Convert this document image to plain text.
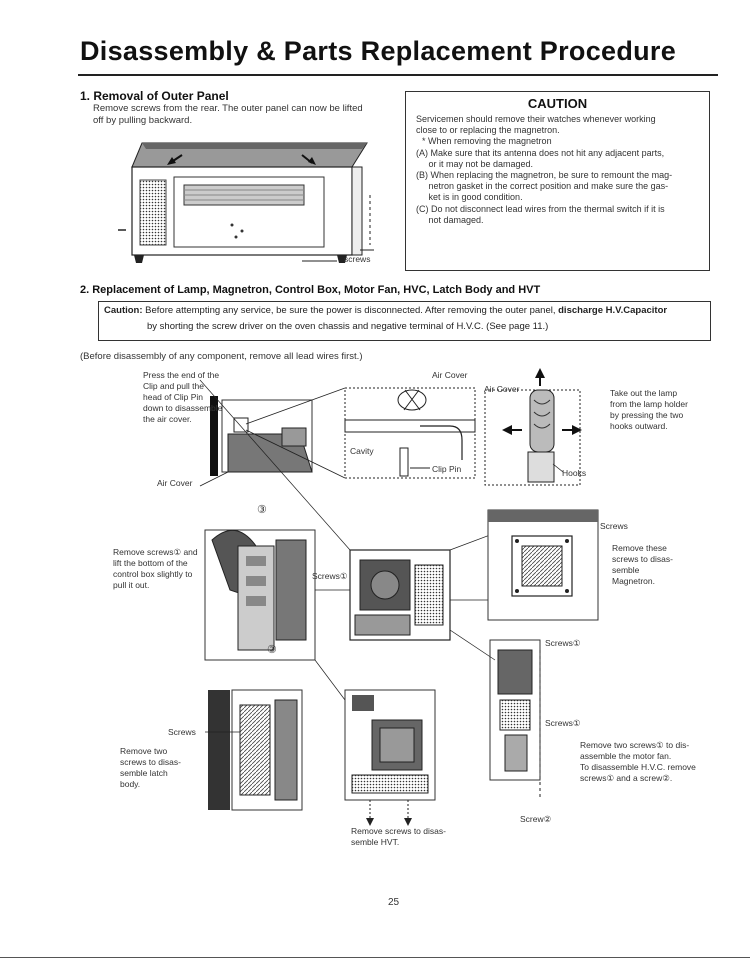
Disassembly & Parts Replacement Procedure
1. Removal of Outer Panel
Remove screws from the rear. The outer panel can now be lifted
off by pulling backward.
screws
CAUTION
Servicemen should remove their watches whenever working
close to or replacing the magnetron.
* When removing the magnetron
(A) Make sure that its antenna does not hit any adjacent parts,
or it may not be damaged.
(B) When replacing the magnetron, be sure to remount the mag-
netron gasket in the correct position and make sure the gas-
ket is in good condition.
(C) Do not disconnect lead wires from the thermal switch if it is
not damaged.
2. Replacement of Lamp, Magnetron, Control Box, Motor Fan, HVC, Latch Body and HVT
Caution: Before attempting any service, be sure the power is disconnected. After removing the outer panel, discharge H.V.Capacitor
by shorting the screw driver on the oven chassis and negative terminal of H.V.C. (See page 11.)
(Before disassembly of any component, remove all lead wires first.)
Press the end of the
Clip and pull the
head of Clip Pin
down to disassemble
the air cover.
Air Cover
Air Cover
Air Cover
Cavity
Clip Pin	Hooks
Take out the lamp
from the lamp holder
by pressing the two
hooks outward.
③
Remove screws① and
lift the bottom of the
control box slightly to
pull it out.
Screws①
②
Screws
Remove these
screws to disas-
semble
Magnetron.
Screws①
Screws①
Remove two screws① to dis-
assemble the motor fan.
To disassemble H.V.C. remove
screws① and a screw②.
Screw②
Screws
Remove two
screws to disas-
semble latch
body.
Remove screws to disas-
semble HVT.
25
